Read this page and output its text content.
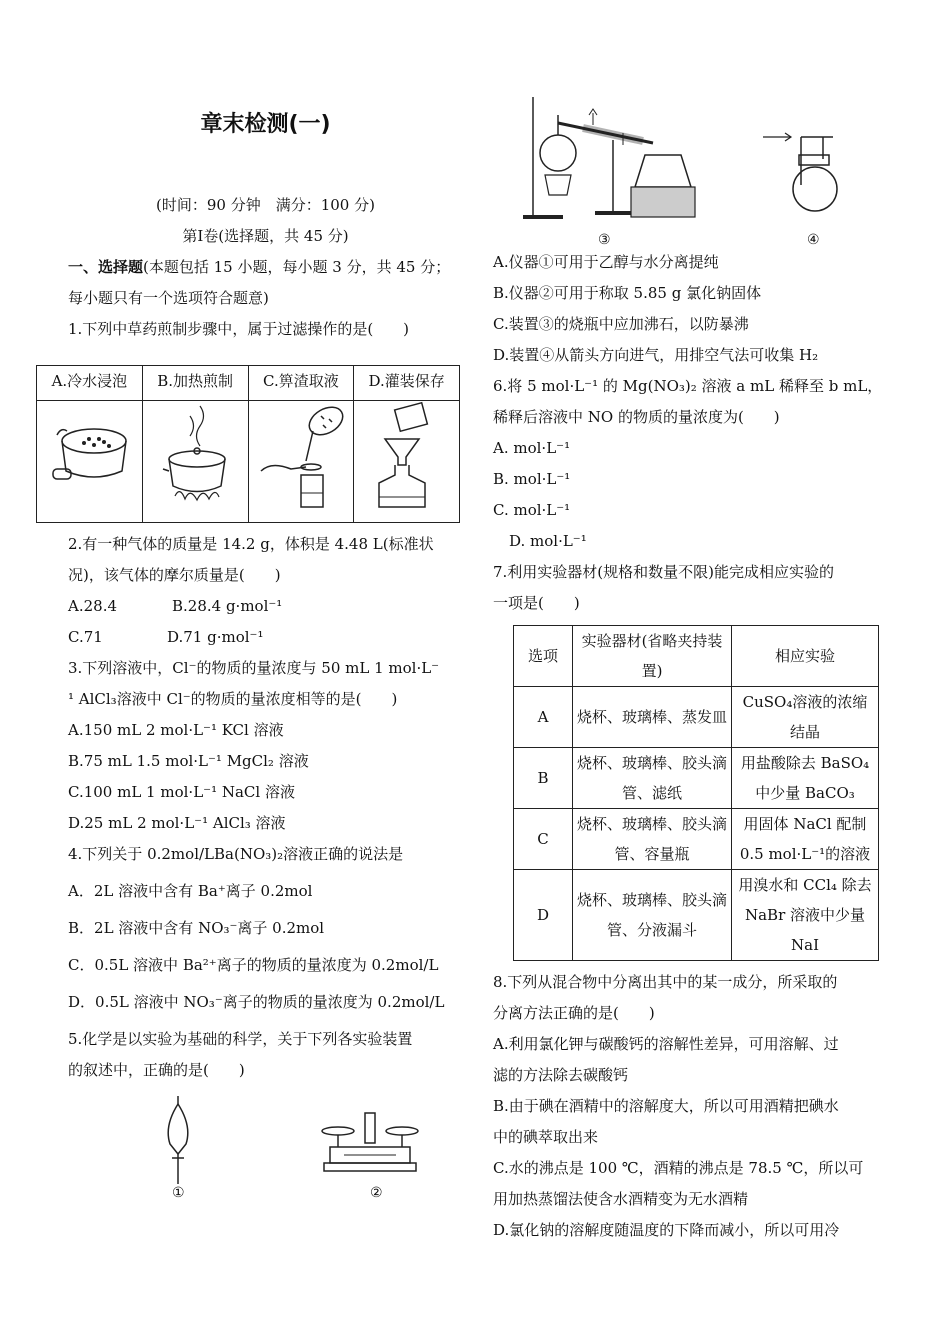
章末检测(一)

(时间：90 分钟　满分：100 分)

第Ⅰ卷(选择题，共 45 分)

一、选择题(本题包括 15 小题，每小题 3 分，共 45 分；

每小题只有一个选项符合题意)

1.下列中草药煎制步骤中，属于过滤操作的是(　　)

A.冷水浸泡	B.加热煎制	C.箅渣取液	D.灌装保存

2.有一种气体的质量是 14.2 g，体积是 4.48 L(标准状

况)，该气体的摩尔质量是(　　)

A.28.4	B.28.4 g·mol⁻¹

C.71	D.71 g·mol⁻¹

3.下列溶液中，Cl⁻的物质的量浓度与 50 mL 1 mol·L⁻

¹ AlCl₃溶液中 Cl⁻的物质的量浓度相等的是(　　)

A.150 mL 2 mol·L⁻¹ KCl 溶液

B.75 mL 1.5 mol·L⁻¹ MgCl₂ 溶液

C.100 mL 1 mol·L⁻¹ NaCl 溶液

D.25 mL 2 mol·L⁻¹ AlCl₃ 溶液

4.下列关于 0.2mol/LBa(NO₃)₂溶液正确的说法是

A．2L 溶液中含有 Ba⁺离子 0.2mol

B．2L 溶液中含有 NO₃⁻离子 0.2mol

C．0.5L 溶液中 Ba²⁺离子的物质的量浓度为 0.2mol/L

D．0.5L 溶液中 NO₃⁻离子的物质的量浓度为 0.2mol/L

5.化学是以实验为基础的科学，关于下列各实验装置

的叙述中，正确的是(　　)

①	②
③	④

A.仪器①可用于乙醇与水分离提纯

B.仪器②可用于称取 5.85 g 氯化钠固体

C.装置③的烧瓶中应加沸石，以防暴沸

D.装置④从箭头方向进气，用排空气法可收集 H₂

6.将 5 mol·L⁻¹ 的 Mg(NO₃)₂ 溶液 a mL 稀释至 b mL，

稀释后溶液中 NO 的物质的量浓度为(　　)

A. mol·L⁻¹

B. mol·L⁻¹

C. mol·L⁻¹

D. mol·L⁻¹

7.利用实验器材(规格和数量不限)能完成相应实验的

一项是(　　)

选项	实验器材(省略夹持装置)	相应实验
A	烧杯、玻璃棒、蒸发皿	CuSO₄溶液的浓缩结晶
B	烧杯、玻璃棒、胶头滴管、滤纸	用盐酸除去 BaSO₄中少量 BaCO₃
C	烧杯、玻璃棒、胶头滴管、容量瓶	用固体 NaCl 配制 0.5 mol·L⁻¹的溶液
D	烧杯、玻璃棒、胶头滴管、分液漏斗	用溴水和 CCl₄ 除去 NaBr 溶液中少量 NaI

8.下列从混合物中分离出其中的某一成分，所采取的

分离方法正确的是(　　)

A.利用氯化钾与碳酸钙的溶解性差异，可用溶解、过

滤的方法除去碳酸钙

B.由于碘在酒精中的溶解度大，所以可用酒精把碘水

中的碘萃取出来

C.水的沸点是 100 ℃，酒精的沸点是 78.5 ℃，所以可

用加热蒸馏法使含水酒精变为无水酒精

D.氯化钠的溶解度随温度的下降而减小，所以可用冷
